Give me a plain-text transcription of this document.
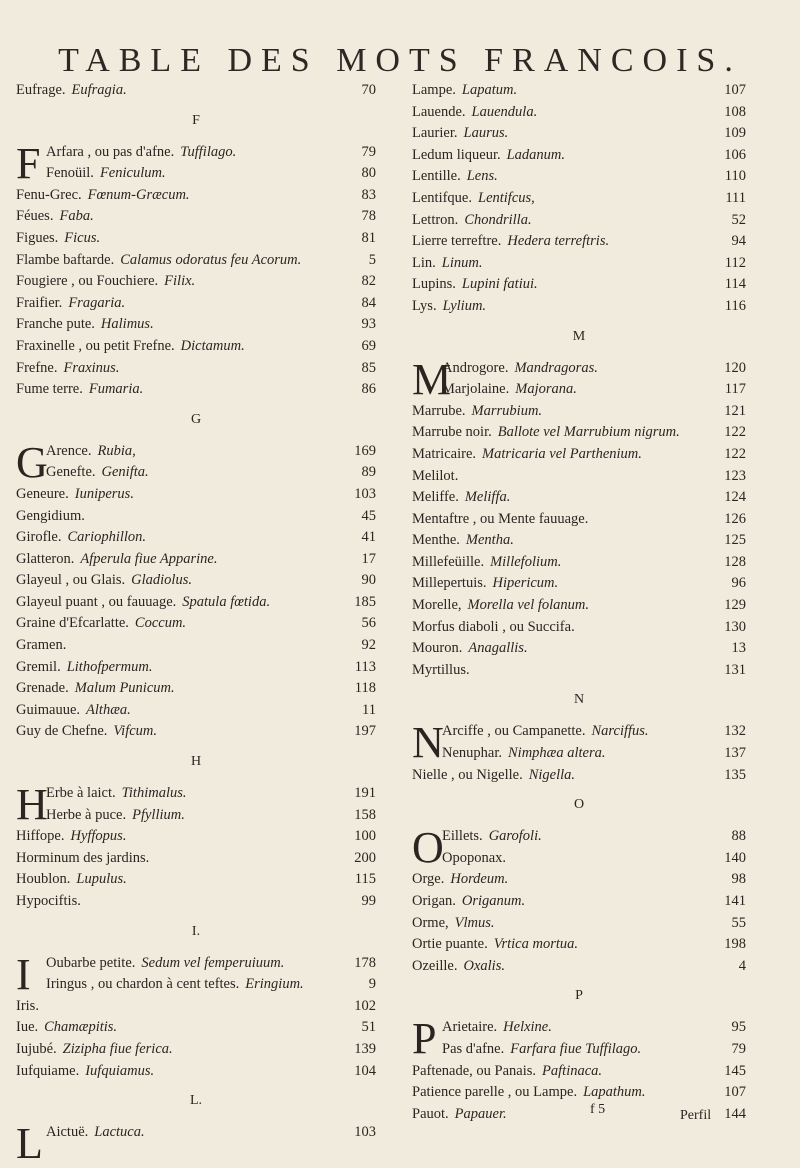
TABLE DES MOTS FRANCOIS.
Eufrage. Eufragia.	70
F
F Arfara , ou pas d'afne. Tuffilago.	79
Fenoüil. Feniculum.	80
Fenu-Grec. Fœnum-Græcum.	83
Féues. Faba.	78
Figues. Ficus.	81
Flambe baftarde. Calamus odoratus feu Acorum.	5
Fougiere , ou Fouchiere. Filix.	82
Fraifier. Fragaria.	84
Franche pute. Halimus.	93
Fraxinelle , ou petit Frefne. Dictamum.	69
Frefne. Fraxinus.	85
Fume terre. Fumaria.	86
G
G
Arence. Rubia,	169
Genefte. Genifta.	89
Geneure. Iuniperus.	103
Gengidium.	45
Girofle. Cariophillon.	41
Glatteron. Afperula fiue Apparine.	17
Glayeul , ou Glais. Gladiolus.	90
Glayeul puant , ou fauuage. Spatula fœtida.	185
Graine d'Efcarlatte. Coccum.	56
Gramen.	92
Gremil. Lithofpermum.	113
Grenade. Malum Punicum.	118
Guimauue. Althæa.	11
Guy de Chefne. Vifcum.	197
H
H
Erbe à laict. Tithimalus.	191
Herbe à puce. Pfyllium.	158
Hiffope. Hyffopus.	100
Horminum des jardins.	200
Houblon. Lupulus.	115
Hypociftis.	99
I.
I	Oubarbe petite. Sedum vel femperuiuum.	178
Iringus , ou chardon à cent teftes. Eringium.	9
Iris.	102
Iue. Chamæpitis.	51
Iujubé. Zizipha fiue ferica.	139
Iufquiame. Iufquiamus.	104
L.
L Aictuë. Lactuca.	103
Lampe. Lapatum.	107
Lauende. Lauendula.	108
Laurier. Laurus.	109
Ledum liqueur. Ladanum.	106
Lentille. Lens.	110
Lentifque. Lentifcus,	111
Lettron. Chondrilla.	52
Lierre terreftre. Hedera terreftris.	94
Lin. Linum.	112
Lupins. Lupini fatiui.	114
Lys. Lylium.	116
M
M
Androgore. Mandragoras.	120
Marjolaine. Majorana.	117
Marrube. Marrubium.	121
Marrube noir. Ballote vel Marrubium nigrum.	122
Matricaire. Matricaria vel Parthenium.	122
Melilot.	123
Meliffe. Meliffa.	124
Mentaftre , ou Mente fauuage.	126
Menthe. Mentha.	125
Millefeüille. Millefolium.	128
Millepertuis. Hipericum.	96
Morelle, Morella vel folanum.	129
Morfus diaboli , ou Succifa.	130
Mouron. Anagallis.	13
Myrtillus.	131
N
N
Arciffe , ou Campanette. Narciffus.	132
Nenuphar. Nimphæa altera.	137
Nielle , ou Nigelle. Nigella.	135
O
O
Eillets. Garofoli.	88
Opoponax.	140
Orge. Hordeum.	98
Origan. Origanum.	141
Orme, Vlmus.	55
Ortie puante. Vrtica mortua.	198
Ozeille. Oxalis.	4
P
P Arietaire. Helxine.	95
Pas d'afne. Farfara fiue Tuffilago.	79
Paftenade, ou Panais. Paftinaca.	145
Patience parelle , ou Lampe. Lapathum.	107
Pauot. Papauer.	144
f 5	Perfil
